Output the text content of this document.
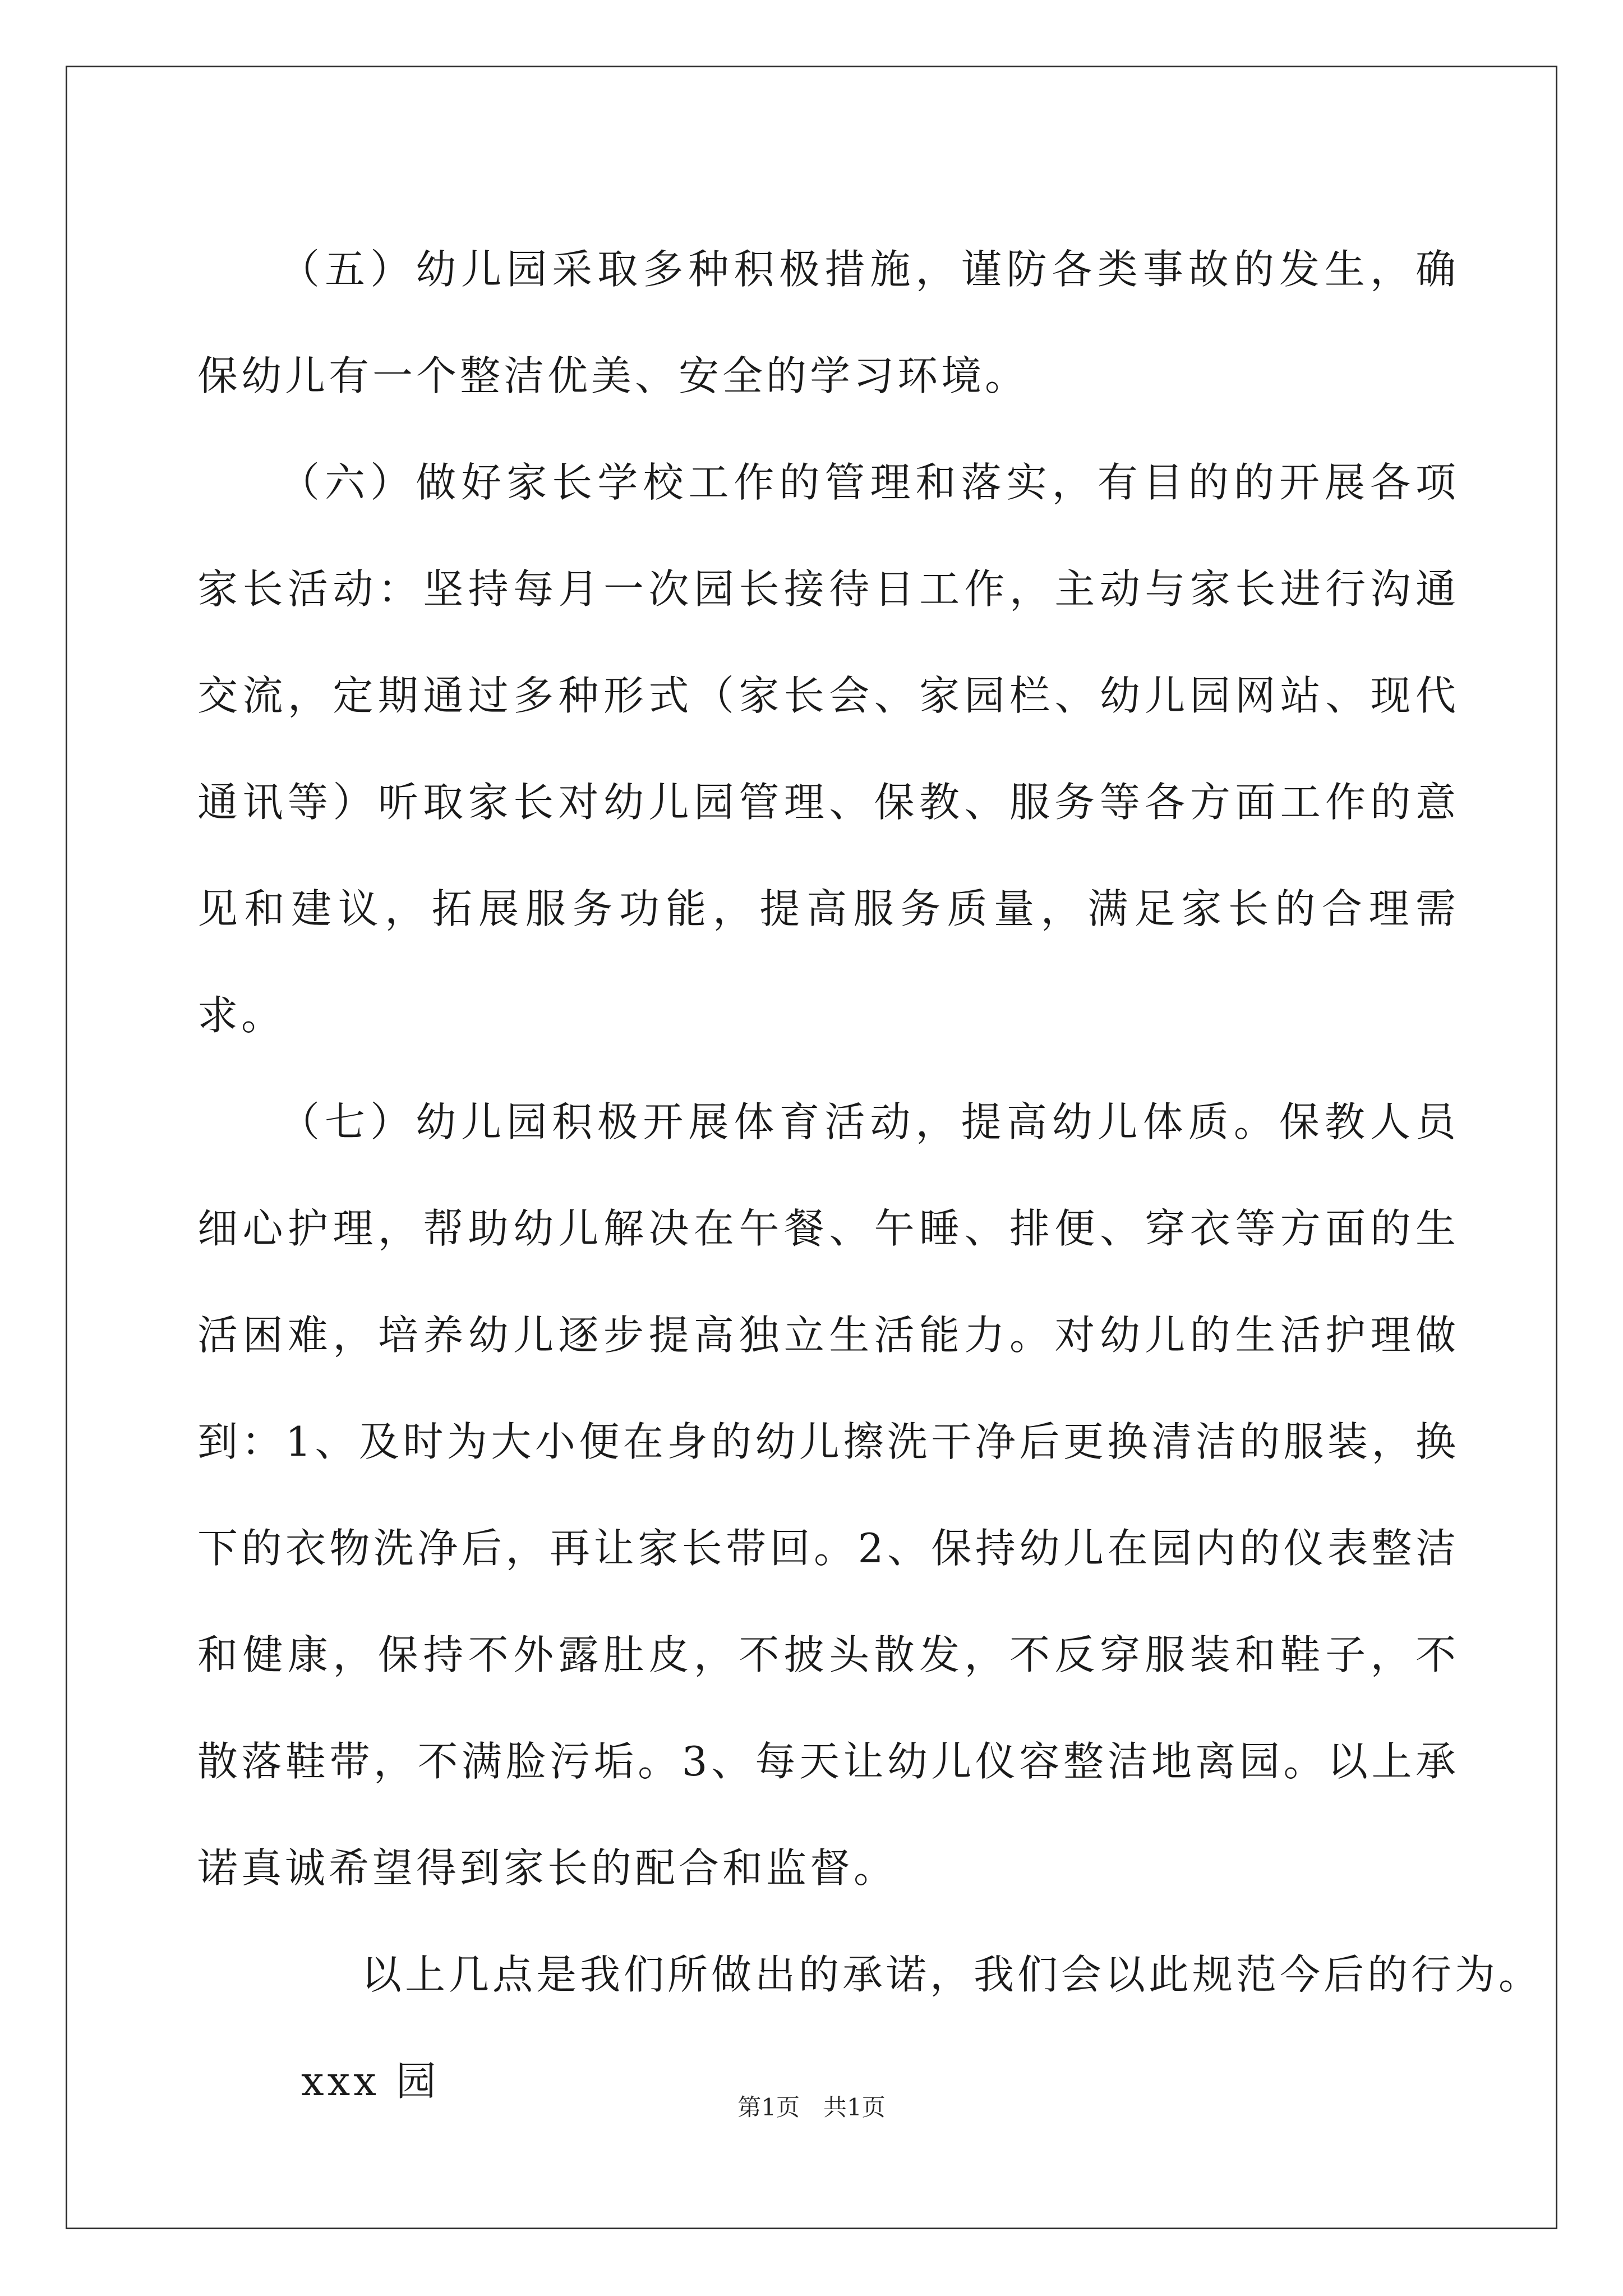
（五）幼儿园采取多种积极措施，谨防各类事故的发生，确保幼儿有一个整洁优美、安全的学习环境。

（六）做好家长学校工作的管理和落实，有目的的开展各项家长活动：坚持每月一次园长接待日工作，主动与家长进行沟通交流，定期通过多种形式（家长会、家园栏、幼儿园网站、现代通讯等）听取家长对幼儿园管理、保教、服务等各方面工作的意见和建议，拓展服务功能，提高服务质量，满足家长的合理需求。

（七）幼儿园积极开展体育活动，提高幼儿体质。保教人员细心护理，帮助幼儿解决在午餐、午睡、排便、穿衣等方面的生活困难，培养幼儿逐步提高独立生活能力。对幼儿的生活护理做到：1、及时为大小便在身的幼儿擦洗干净后更换清洁的服装，换下的衣物洗净后，再让家长带回。2、保持幼儿在园内的仪表整洁和健康，保持不外露肚皮，不披头散发，不反穿服装和鞋子，不散落鞋带，不满脸污垢。3、每天让幼儿仪容整洁地离园。以上承诺真诚希望得到家长的配合和监督。

以上几点是我们所做出的承诺，我们会以此规范今后的行为。

xxx 园

第1页　共1页
